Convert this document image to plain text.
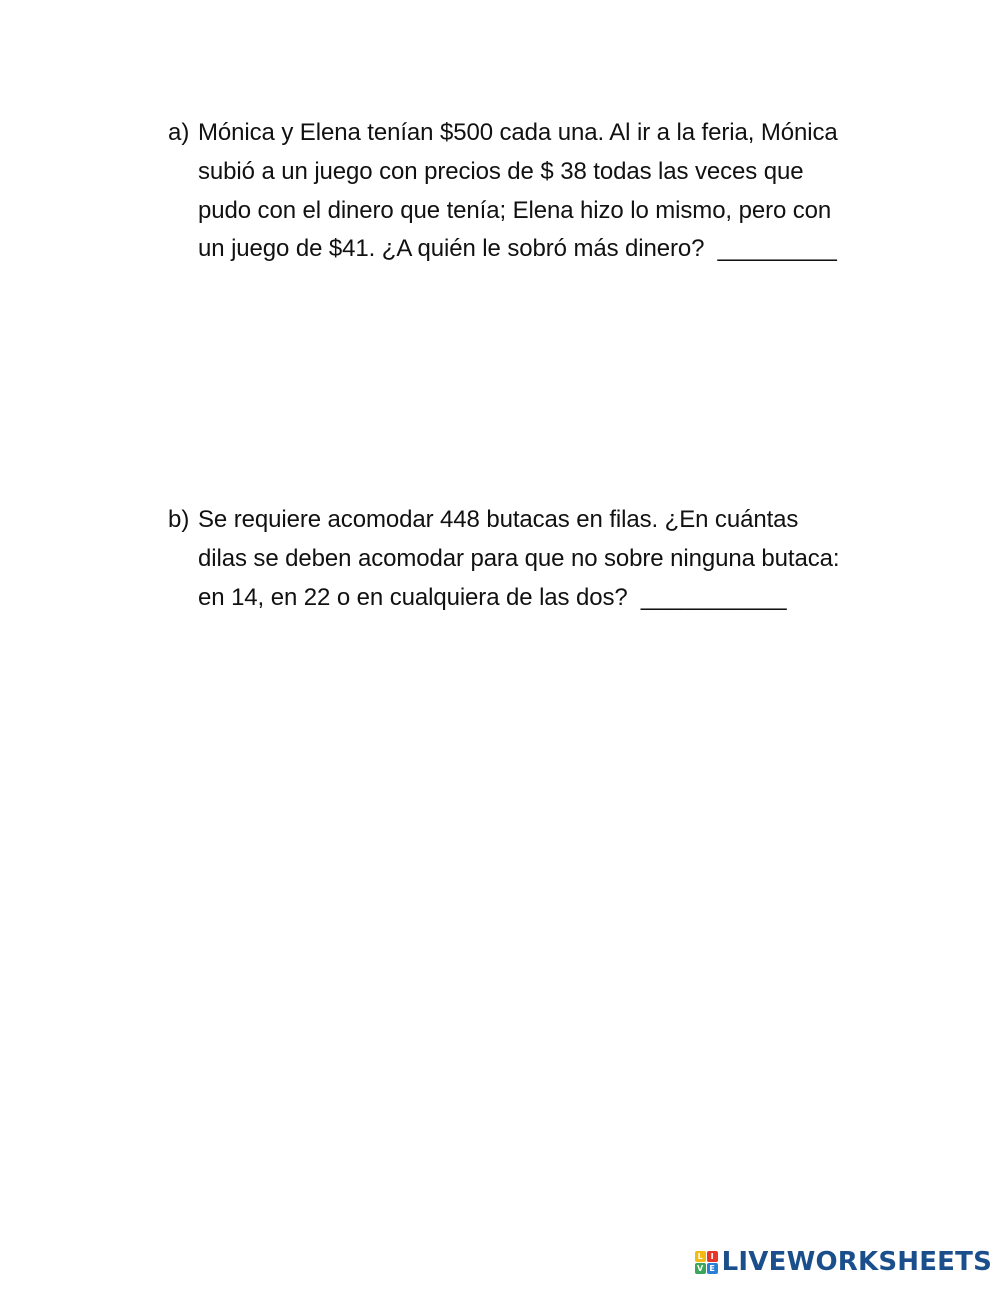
a) Mónica y Elena tenían $500 cada una. Al ir a la feria, Mónica subió a un juego con precios de $ 38 todas las veces que pudo con el dinero que tenía; Elena hizo lo mismo, pero con un juego de $41. ¿A quién le sobró más dinero?  _________
b) Se requiere acomodar 448 butacas en filas. ¿En cuántas dilas se deben acomodar para que no sobre ninguna butaca: en 14, en 22 o en cualquiera de las dos?  ___________
L I
V E LIVEWORKSHEETS
